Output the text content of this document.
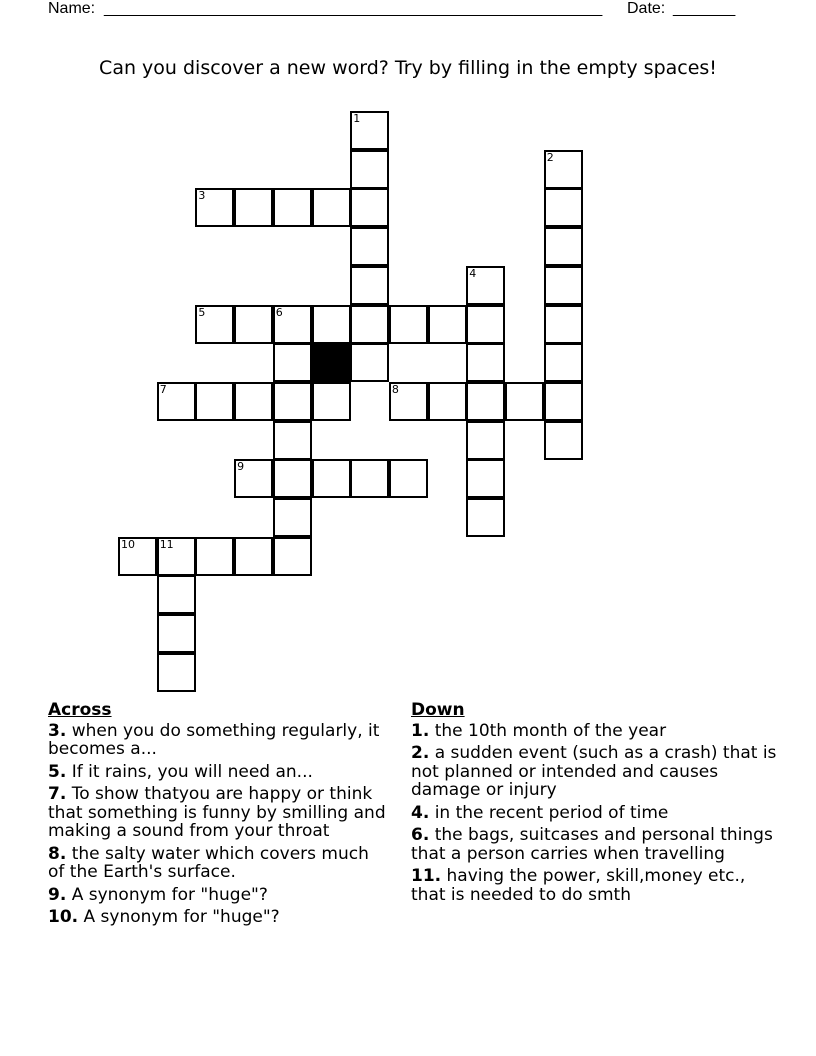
Name: ________________________________________________________ Date: _______
Can you discover a new word? Try by filling in the empty spaces!
1
2
3
4
5	6
7	8
9
10 11
Across
3. when you do something regularly, it becomes a...
5. If it rains, you will need an...
7. To show thatyou are happy or think that something is funny by smilling and making a sound from your throat
8. the salty water which covers much of the Earth's surface.
9. A synonym for "huge"?
10. A synonym for "huge"?
Down
1. the 10th month of the year
2. a sudden event (such as a crash) that is not planned or intended and causes damage or injury
4. in the recent period of time
6. the bags, suitcases and personal things that a person carries when travelling
11. having the power, skill,money etc., that is needed to do smth
